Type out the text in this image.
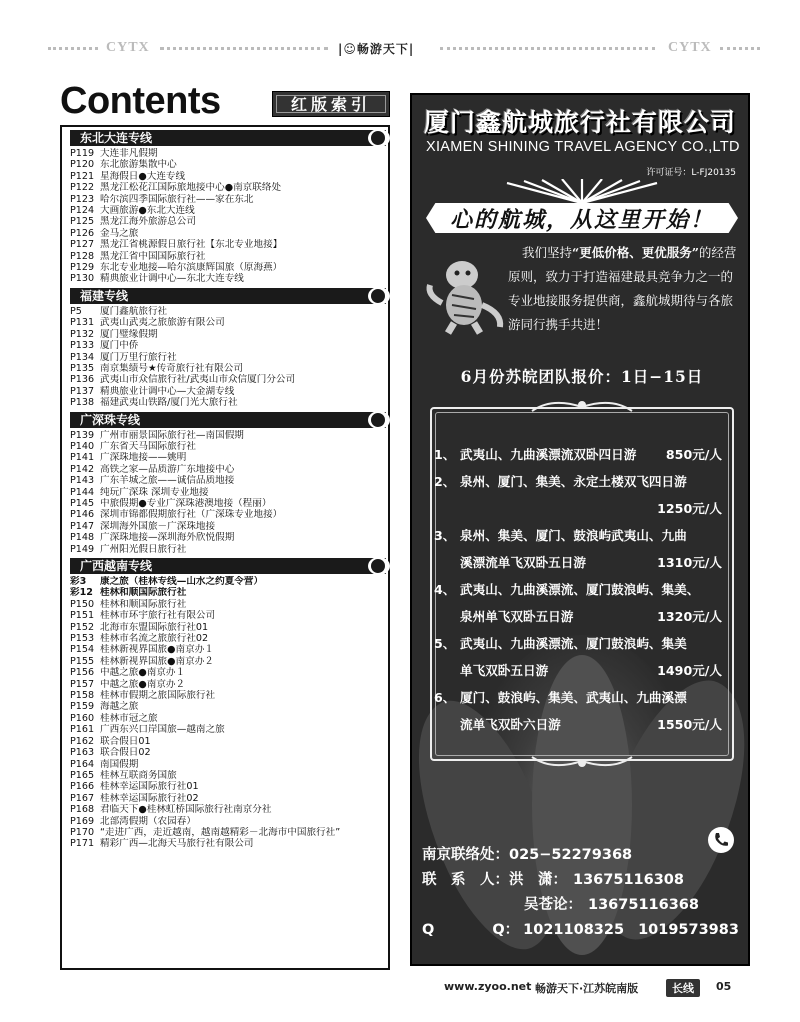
CYTX	|☺畅游天下|	CYTX
Contents	红版索引
东北大连专线
P119 大连非凡假期
P120 东北旅游集散中心
P121 星海假日●大连专线
P122 黑龙江松花江国际旅地接中心●南京联络处
P123 哈尔滨四季国际旅行社——家在东北
P124 大画旅游●东北大连线
P125 黑龙江海外旅游总公司
P126 金马之旅
P127 黑龙江省桃源假日旅行社【东北专业地接】
P128 黑龙江省中国国际旅行社
P129 东北专业地接—哈尔滨康辉国旅（原海燕）
P130 精典旅业计调中心—东北大连专线
福建专线
P5 厦门鑫航旅行社
P131 武夷山武夷之旅旅游有限公司
P132 厦门璧缘假期
P133 厦门中侨
P134 厦门万里行旅行社
P135 南京集绩号★传奇旅行社有限公司
P136 武夷山市众信旅行社/武夷山市众信厦门分公司
P137 精典旅业计调中心—大金湖专线
P138 福建武夷山铁路/厦门光大旅行社
广深珠专线
P139 广州市丽景国际旅行社—南国假期
P140 广东省天马国际旅行社
P141 广深珠地接——姚明
P142 高铁之家—品质游广东地接中心
P143 广东羊城之旅——诚信品质地接
P144 纯玩广深珠 深圳专业地接
P145 中旅假期●专业广深珠港澳地接（程丽）
P146 深圳市锦都假期旅行社（广深珠专业地接）
P147 深圳海外国旅－广深珠地接
P148 广深珠地接—深圳海外欣悦假期
P149 广州阳光假日旅行社
广西越南专线
彩3 康之旅（桂林专线—山水之约夏令营）
彩12 桂林和顺国际旅行社
P150 桂林和顺国际旅行社
P151 桂林市环宇旅行社有限公司
P152 北海市东盟国际旅行社01
P153 桂林市名流之旅旅行社02
P154 桂林新视界国旅●南京办１
P155 桂林新视界国旅●南京办２
P156 中越之旅●南京办１
P157 中越之旅●南京办２
P158 桂林市假期之旅国际旅行社
P159 海越之旅
P160 桂林市冠之旅
P161 广西东兴口岸国旅—越南之旅
P162 联合假日01
P163 联合假日02
P164 南国假期
P165 桂林互联商务国旅
P166 桂林幸运国际旅行社01
P167 桂林幸运国际旅行社02
P168 君临天下●桂林虹桥国际旅行社南京分社
P169 北部湾假期（农园春）
P170 “走进广西，走近越南，越南越精彩－北海市中国旅行社”
P171 精彩广西—北海天马旅行社有限公司
厦门鑫航城旅行社有限公司
XIAMEN SHINING TRAVEL AGENCY CO.,LTD
许可证号：L-FJ20135
心的航城，从这里开始！
我们坚持“更低价格、更优服务”的经营原则，致力于打造福建最具竞争力之一的专业地接服务提供商，鑫航城期待与各旅游同行携手共进！
6月份苏皖团队报价：1日−15日
1、 武夷山、九曲溪漂流双卧四日游 850元/人
2、 泉州、厦门、集美、永定土楼双飞四日游
1250元/人

3、 泉州、集美、厦门、鼓浪屿武夷山、九曲
溪漂流单飞双卧五日游	1310元/人
4、 武夷山、九曲溪漂流、厦门鼓浪屿、集美、
泉州单飞双卧五日游	1320元/人
5、 武夷山、九曲溪漂流、厦门鼓浪屿、集美
单飞双卧五日游	1490元/人
6、 厦门、鼓浪屿、集美、武夷山、九曲溪漂
流单飞双卧六日游	1550元/人
南京联络处：025−52279368
联　系　人：洪　潇： 13675116308
吴苍论： 13675116368
Q	Q： 1021108325 1019573983
www.zyoo.net 畅游天下·江苏皖南版	长线	05
